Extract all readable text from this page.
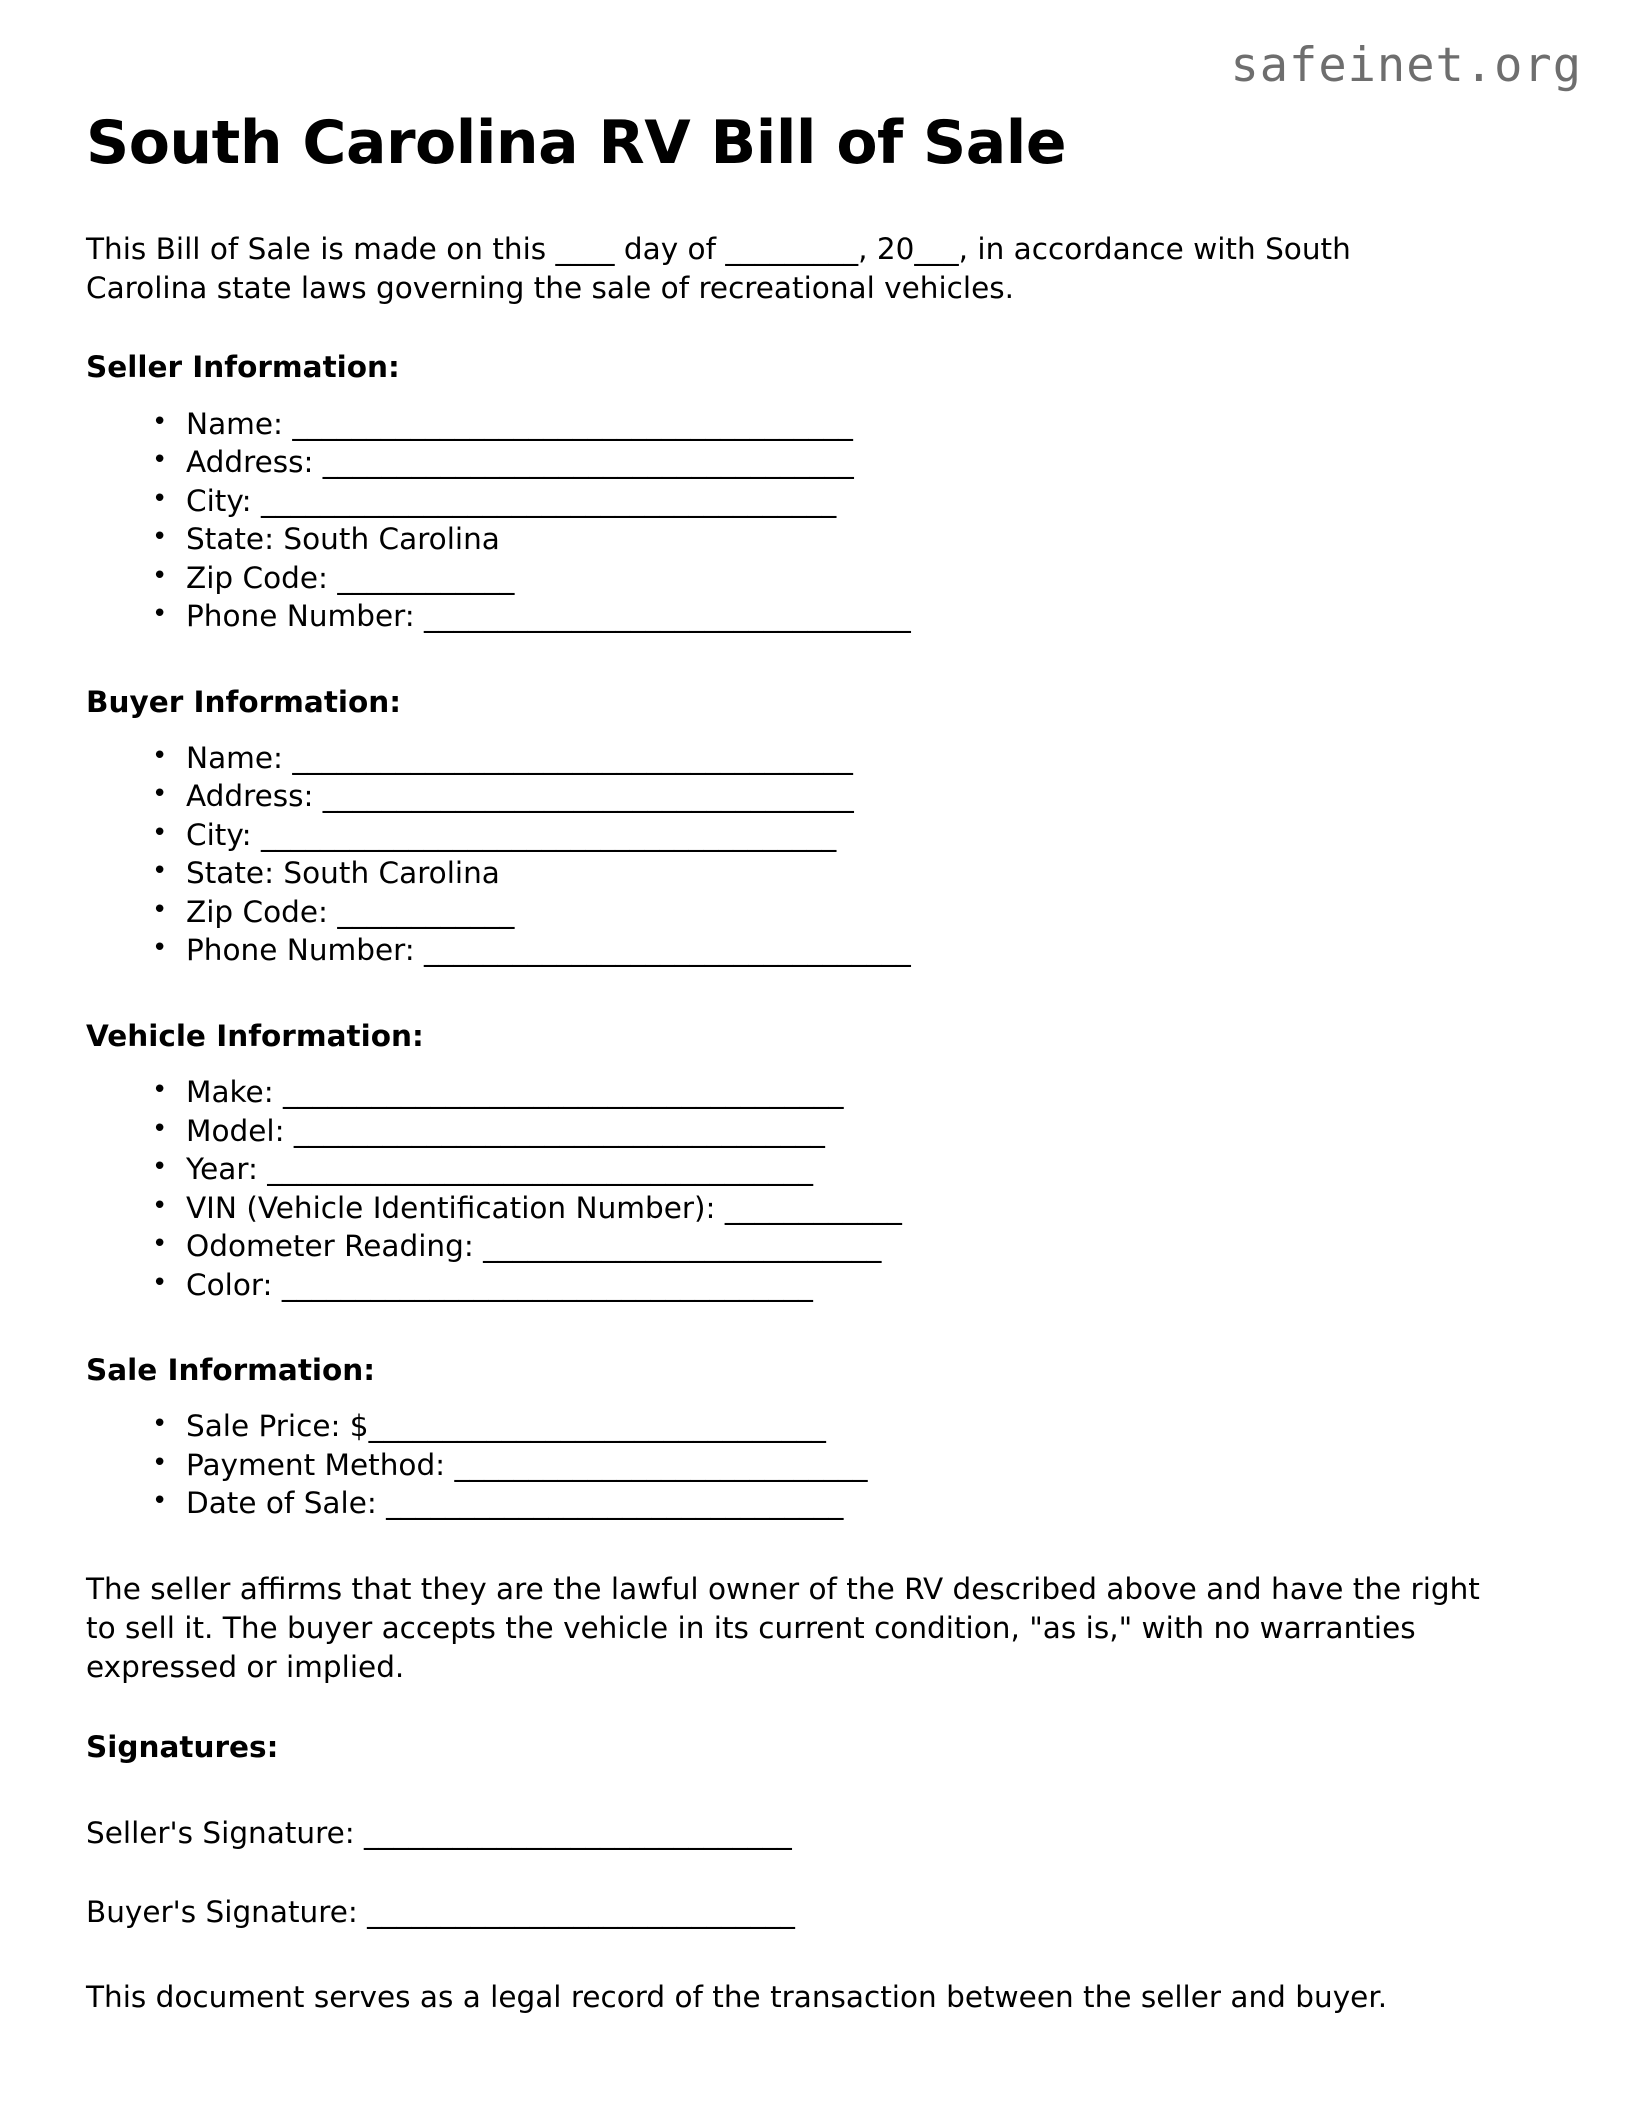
safeinet.org
South Carolina RV Bill of Sale

This Bill of Sale is made on this ____ day of _________, 20___, in accordance with South Carolina state laws governing the sale of recreational vehicles.

Seller Information:
• Name: ______________________________________
• Address: ____________________________________
• City: _______________________________________
• State: South Carolina
• Zip Code: ____________
• Phone Number: _________________________________
Buyer Information:
• Name: ______________________________________
• Address: ____________________________________
• City: _______________________________________
• State: South Carolina
• Zip Code: ____________
• Phone Number: _________________________________
Vehicle Information:
• Make: ______________________________________
• Model: ____________________________________
• Year: _____________________________________
• VIN (Vehicle Identification Number): ____________
• Odometer Reading: ___________________________
• Color: ____________________________________
Sale Information:
• Sale Price: $_______________________________
• Payment Method: ____________________________
• Date of Sale: _______________________________

The seller affirms that they are the lawful owner of the RV described above and have the right to sell it. The buyer accepts the vehicle in its current condition, "as is," with no warranties expressed or implied.

Signatures:

Seller's Signature: _____________________________

Buyer's Signature: _____________________________

This document serves as a legal record of the transaction between the seller and buyer.
